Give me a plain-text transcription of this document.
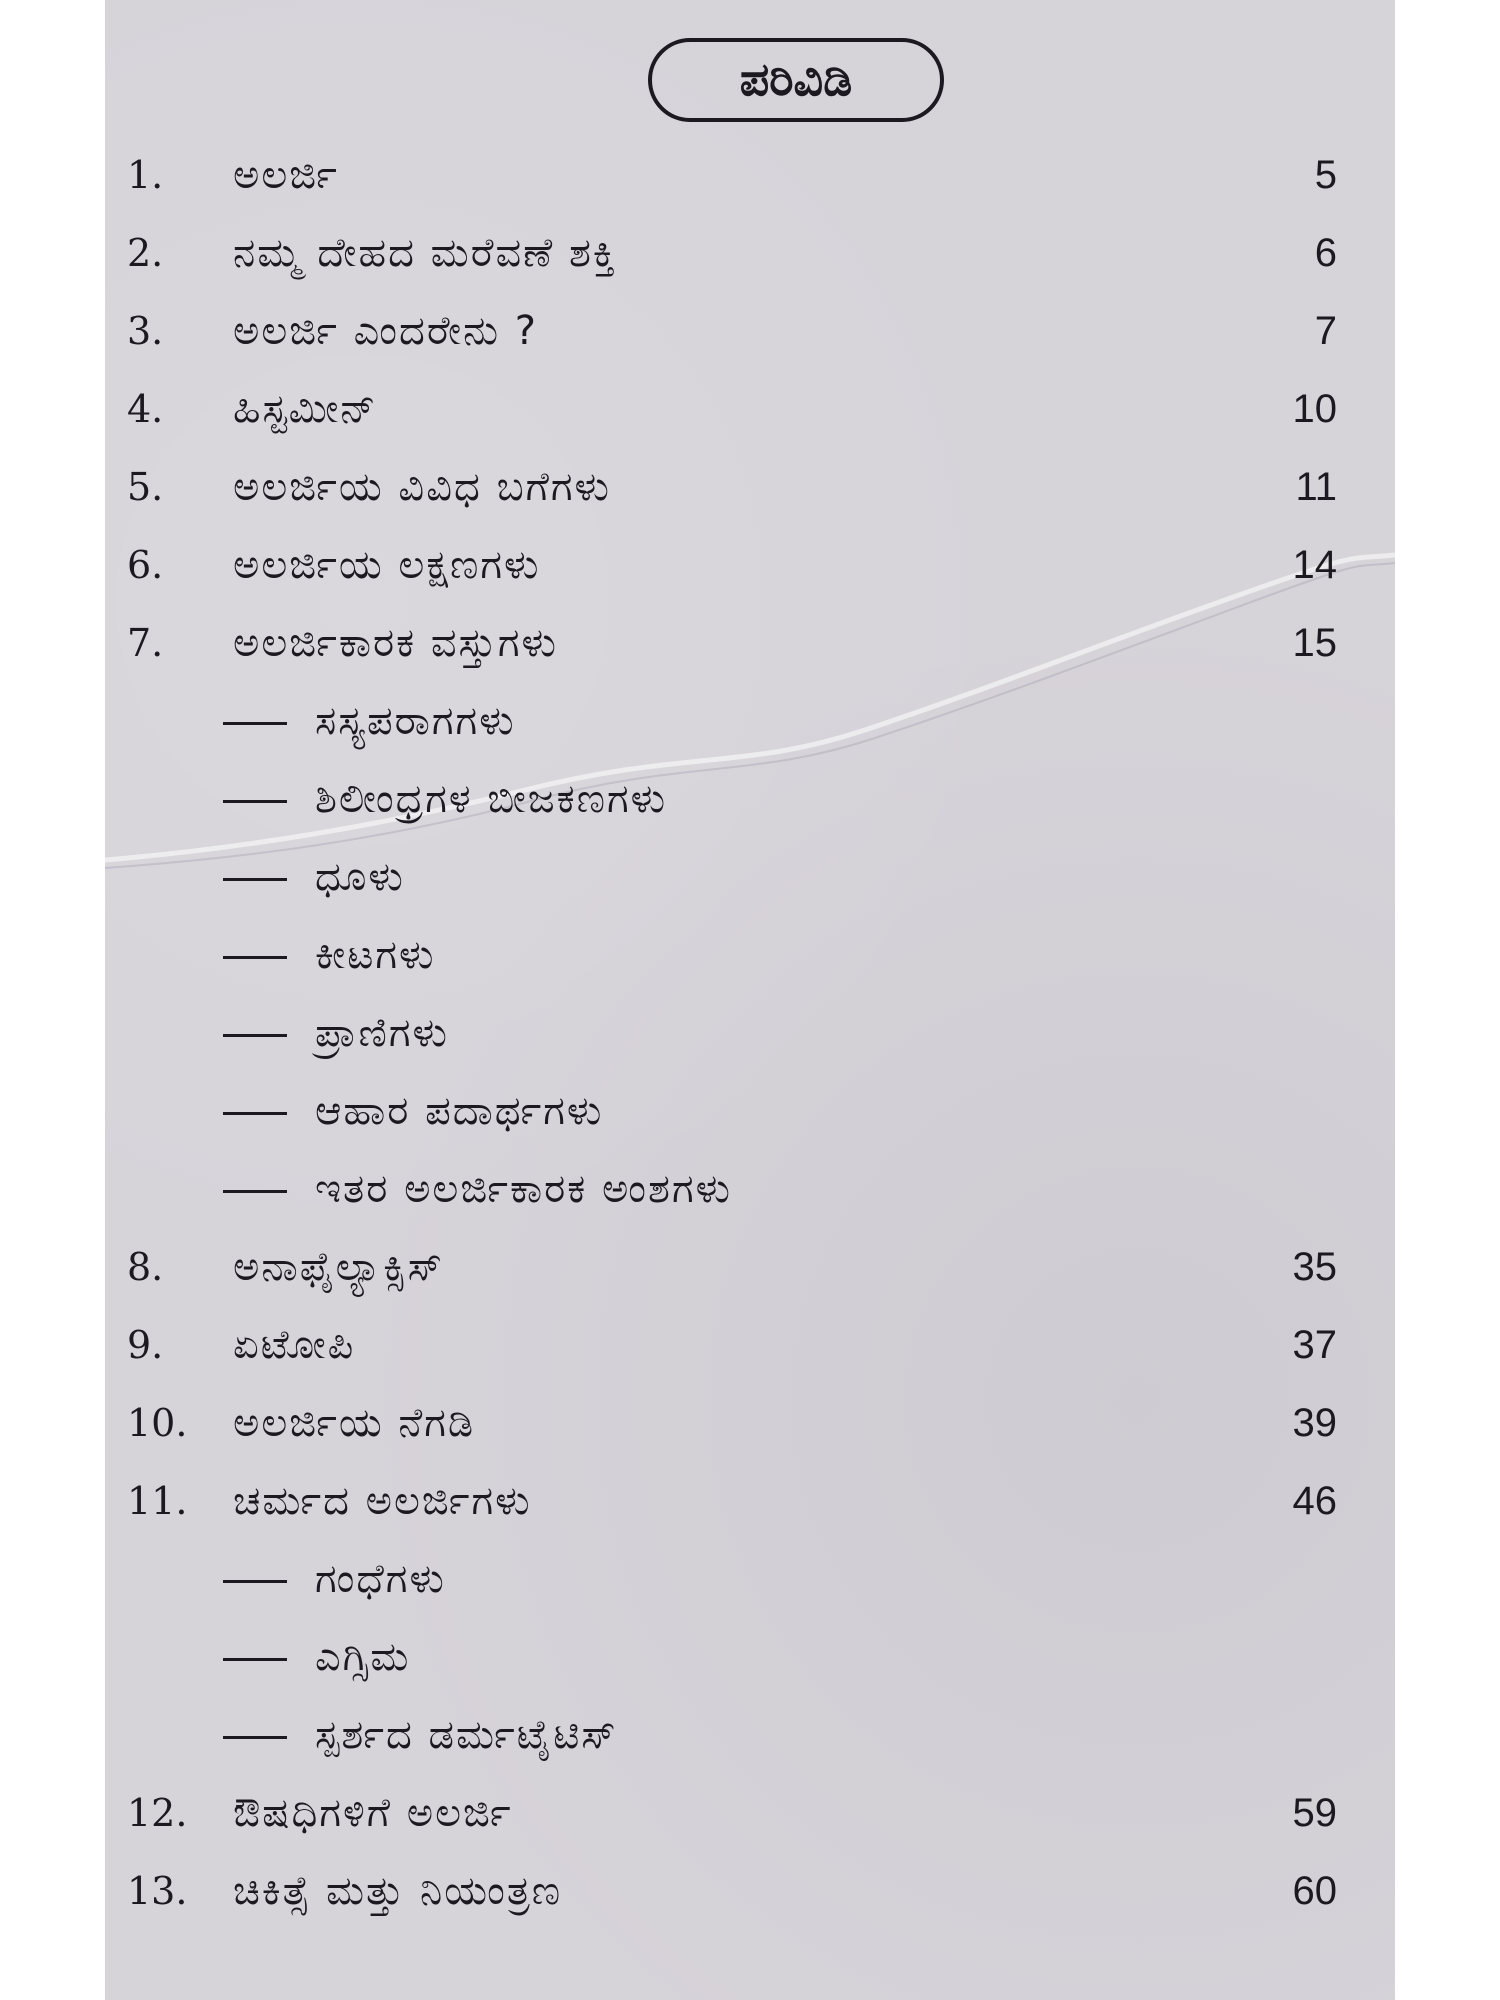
ಪರಿವಿಡಿ
1.	ಅಲರ್ಜಿ	5
2.	ನಮ್ಮ ದೇಹದ ಮರೆವಣೆ ಶಕ್ತಿ	6
3.	ಅಲರ್ಜಿ ಎಂದರೇನು ?	7
4.	ಹಿಸ್ಟಮೀನ್	10
5.	ಅಲರ್ಜಿಯ ವಿವಿಧ ಬಗೆಗಳು	11
6.	ಅಲರ್ಜಿಯ ಲಕ್ಷಣಗಳು	14
7.	ಅಲರ್ಜಿಕಾರಕ ವಸ್ತುಗಳು	15
ಸಸ್ಯಪರಾಗಗಳು
ಶಿಲೀಂಧ್ರಗಳ ಬೀಜಕಣಗಳು
ಧೂಳು
ಕೀಟಗಳು
ಪ್ರಾಣಿಗಳು
ಆಹಾರ ಪದಾರ್ಥಗಳು
ಇತರ ಅಲರ್ಜಿಕಾರಕ ಅಂಶಗಳು
8.	ಅನಾಫೈಲ್ಯಾಕ್ಸಿಸ್	35
9.	ಏಟೋಪಿ	37
10. ಅಲರ್ಜಿಯ ನೆಗಡಿ	39
11. ಚರ್ಮದ ಅಲರ್ಜಿಗಳು	46
ಗಂಧೆಗಳು
ಎಗ್ಸಿಮ
ಸ್ಪರ್ಶದ ಡರ್ಮಟೈಟಿಸ್
12. ಔಷಧಿಗಳಿಗೆ ಅಲರ್ಜಿ	59
13. ಚಿಕಿತ್ಸೆ ಮತ್ತು ನಿಯಂತ್ರಣ	60
